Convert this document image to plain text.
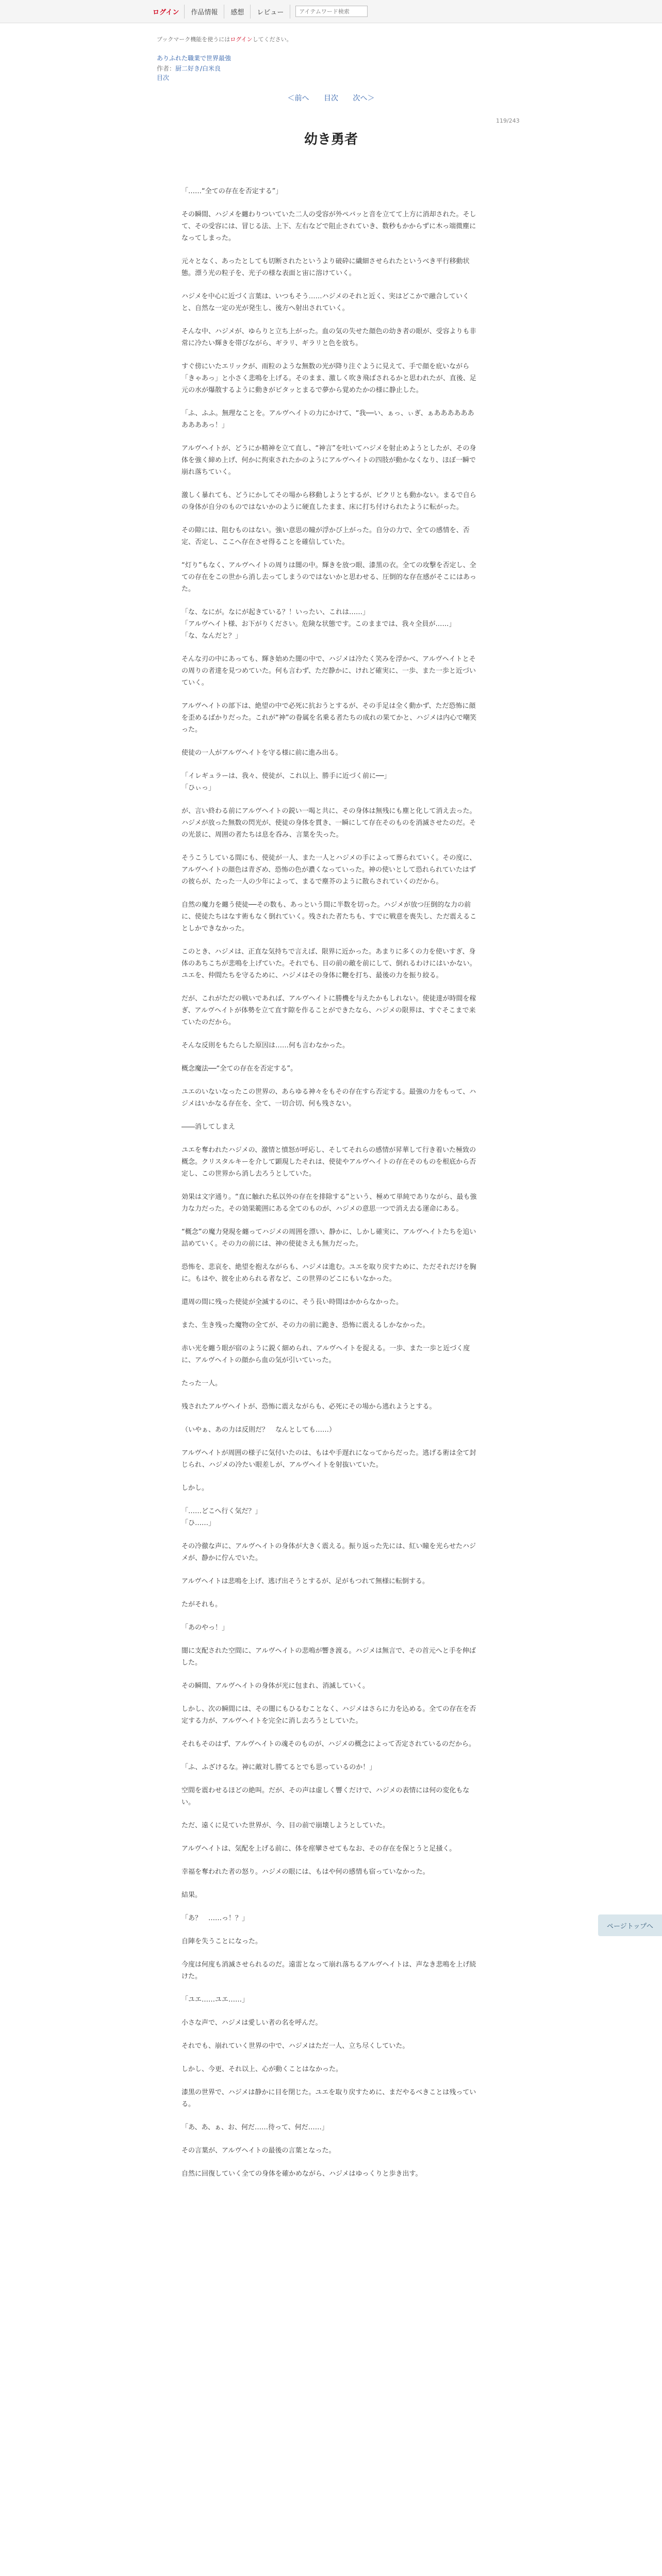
ログイン	作品情報	感想	レビュー
アイテムワード検索
ブックマーク機能を使うにはログインしてください。
ありふれた職業で世界最強
作者：厨二好き/白米良
目次
＜前へ 目次 次へ＞
119/243
幼き勇者

「……“全ての存在を否定する”」

その瞬間、ハジメを纏わりついていた二人の受容が外ペバッと音を立てて上方に消却された。そして、その受容には、冒じる法、上下、左右などで阻止されていき、数秒もかからずに木っ端微塵になってしまった。

元々となく、あったとしても切断されたというより破砕に繊細させられたというべき平行移動状態。漂う光の粒子を、光子の様な表面と宙に溶けていく。

ハジメを中心に近づく言葉は、いつもそう……ハジメのそれと近く、実はどこかで融合していくと、自然な一定の光が発生し、後方へ射出されていく。

そんな中、ハジメが、ゆらりと立ち上がった。血の気の失せた顔色の幼き者の眼が、受容よりも非常に冷たい輝きを帯びながら、ギラリ、ギラリと色を放ち。

すぐ傍にいたエリックが、雨粒のような無数の光が降り注ぐように見えて、手で顔を庇いながら「きゃあっ」と小さく悲鳴を上げる。そのまま、激しく吹き飛ばされるかと思われたが、直後、足元の水が爆散するように動きがピタッとまるで夢から覚めたかの様に静止した。

「ふ、ふふ。無理なことを。アルヴヘイトの力にかけて、“我──い、ぁっ、ぃぎ、ぁああああああああああっ！」

アルヴヘイトが、どうにか精神を立て直し、“神言”を吐いてハジメを射止めようとしたが、その身体を強く締め上げ、何かに拘束されたかのようにアルヴヘイトの四肢が動かなくなり、ほぼ一瞬で崩れ落ちていく。

激しく暴れても、どうにかしてその場から移動しようとするが、ピクリとも動かない。まるで自らの身体が自分のものではないかのように硬直したまま、床に打ち付けられたように転がった。

その隙には、阻むものはない。強い意思の瞳が浮かび上がった。自分の力で、全ての感情を、否定、否定し、ここへ存在させ得ることを確信していた。

“灯り”もなく、アルヴヘイトの周りは闇の中。輝きを放つ眼、漆黒の衣。全ての攻撃を否定し、全ての存在をこの世から消し去ってしまうのではないかと思わせる、圧倒的な存在感がそこにはあった。

「な、なにが。なにが起きている？！いったい、これは……」
「アルヴヘイト様、お下がりください。危険な状態です。このままでは、我々全員が……」
「な、なんだと？」

そんな刃の中にあっても、輝き始めた闇の中で、ハジメは冷たく笑みを浮かべ、アルヴヘイトとその周りの者達を見つめていた。何も言わず、ただ静かに、けれど確実に、一歩、また一歩と近づいていく。

アルヴヘイトの部下は、絶望の中で必死に抗おうとするが、その手足は全く動かず、ただ恐怖に顔を歪めるばかりだった。これが“神”の眷属を名乗る者たちの成れの果てかと、ハジメは内心で嘲笑った。

使徒の一人がアルヴヘイトを守る様に前に進み出る。

「イレギュラーは、我々、使徒が、これ以上、勝手に近づく前に──」
「ひぃっ」

が、言い終わる前にアルヴヘイトの鋭い一喝と共に、その身体は無残にも塵と化して消え去った。ハジメが放った無数の閃光が、使徒の身体を貫き、一瞬にして存在そのものを消滅させたのだ。その光景に、周囲の者たちは息を呑み、言葉を失った。

そうこうしている間にも、使徒が一人、また一人とハジメの手によって葬られていく。その度に、アルヴヘイトの顔色は青ざめ、恐怖の色が濃くなっていった。神の使いとして恐れられていたはずの彼らが、たった一人の少年によって、まるで塵芥のように散らされていくのだから。

自然の魔力を纏う使徒──その数も、あっという間に半数を切った。ハジメが放つ圧倒的な力の前に、使徒たちはなす術もなく倒れていく。残された者たちも、すでに戦意を喪失し、ただ震えることしかできなかった。

このとき、ハジメは、正直な気持ちで言えば、限界に近かった。あまりに多くの力を使いすぎ、身体のあちこちが悲鳴を上げていた。それでも、目の前の敵を前にして、倒れるわけにはいかない。ユエを、仲間たちを守るために、ハジメはその身体に鞭を打ち、最後の力を振り絞る。

だが、これがただの戦いであれば、アルヴヘイトに勝機を与えたかもしれない。使徒達が時間を稼ぎ、アルヴヘイトが体勢を立て直す隙を作ることができたなら、ハジメの限界は、すぐそこまで来ていたのだから。

そんな反則をもたらした原因は……何も言わなかった。

概念魔法──“全ての存在を否定する”。

ユエのいないなったこの世界の、あらゆる神々をもその存在すら否定する。最強の力をもって、ハジメはいかなる存在を、全て、一切合切、何も残さない。

――消してしまえ

ユエを奪われたハジメの、激情と憤怒が呼応し、そしてそれらの感情が昇華して行き着いた極致の概念。クリスタルキーを介して顕現したそれは、使徒やアルヴヘイトの存在そのものを根底から否定し、この世界から消し去ろうとしていた。

効果は文字通り。“直に触れた私以外の存在を排除する”という、極めて単純でありながら、最も強力な力だった。その効果範囲にある全てのものが、ハジメの意思一つで消え去る運命にある。

“概念”の魔力発現を纏ってハジメの周囲を漂い、静かに、しかし確実に、アルヴヘイトたちを追い詰めていく。その力の前には、神の使徒さえも無力だった。

恐怖を、悲哀を、絶望を抱えながらも、ハジメは進む。ユエを取り戻すために、ただそれだけを胸に。もはや、彼を止められる者など、この世界のどこにもいなかった。

還周の間に残った使徒が全滅するのに、そう長い時間はかからなかった。

また、生き残った魔物の全てが、その力の前に跪き、恐怖に震えるしかなかった。

赤い光を纏う眼が宿のように鋭く細められ、アルヴヘイトを捉える。一歩、また一歩と近づく度に、アルヴヘイトの顔から血の気が引いていった。

たった一人。

残されたアルヴヘイトが、恐怖に震えながらも、必死にその場から逃れようとする。

（いやぁ、あの力は反則だ？　なんとしても……）

アルヴヘイトが周囲の様子に気付いたのは、もはや手遅れになってからだった。逃げる術は全て封じられ、ハジメの冷たい眼差しが、アルヴヘイトを射抜いていた。

しかし。

「……どこへ行く気だ？」
「ひ……」

その冷徹な声に、アルヴヘイトの身体が大きく震える。振り返った先には、紅い瞳を光らせたハジメが、静かに佇んでいた。

アルヴヘイトは悲鳴を上げ、逃げ出そうとするが、足がもつれて無様に転倒する。

たがそれも。

「あのやっ！」

闇に支配された空間に、アルヴヘイトの悲鳴が響き渡る。ハジメは無言で、その首元へと手を伸ばした。

その瞬間、アルヴヘイトの身体が光に包まれ、消滅していく。

しかし、次の瞬間には、その闇にもひるむことなく、ハジメはさらに力を込める。全ての存在を否定する力が、アルヴヘイトを完全に消し去ろうとしていた。

それもそのはず、アルヴヘイトの魂そのものが、ハジメの概念によって否定されているのだから。

「ふ、ふざけるな。神に敵対し勝てるとでも思っているのか！」

空間を震わせるほどの絶叫。だが、その声は虚しく響くだけで、ハジメの表情には何の変化もない。

ただ、遠くに見ていた世界が、今、目の前で崩壊しようとしていた。

アルヴヘイトは、気配を上げる前に、体を痙攣させてもなお、その存在を保とうと足掻く。

幸福を奪われた者の怒り。ハジメの眼には、もはや何の感情も宿っていなかった。

結果。

「あ？　……っ！？」

自陣を失うことになった。

今度は何度も消滅させられるのだ。遠雷となって崩れ落ちるアルヴヘイトは、声なき悲鳴を上げ続けた。

「ユエ……ユエ……」

小さな声で、ハジメは愛しい者の名を呼んだ。

それでも、崩れていく世界の中で、ハジメはただ一人、立ち尽くしていた。

しかし、今更、それ以上、心が動くことはなかった。

漆黒の世界で、ハジメは静かに目を閉じた。ユエを取り戻すために、まだやるべきことは残っている。

「あ、あ、ぁ、お、何だ……待って、何だ……」

その言葉が、アルヴヘイトの最後の言葉となった。

自然に回復していく全ての身体を確かめながら、ハジメはゆっくりと歩き出す。

ページトップへ
